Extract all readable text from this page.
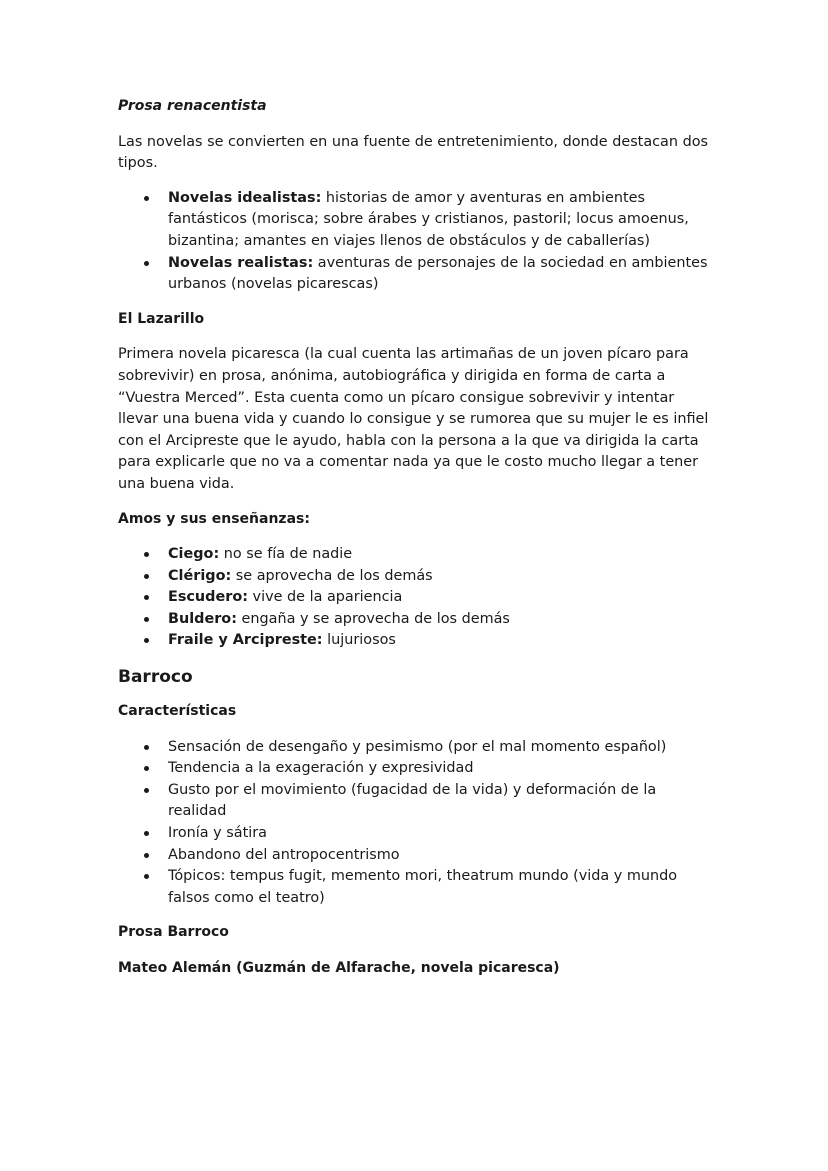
Prosa renacentista

Las novelas se convierten en una fuente de entretenimiento, donde destacan dos tipos.

Novelas idealistas: historias de amor y aventuras en ambientes fantásticos (morisca; sobre árabes y cristianos, pastoril; locus amoenus, bizantina; amantes en viajes llenos de obstáculos y de caballerías)
Novelas realistas: aventuras de personajes de la sociedad en ambientes urbanos (novelas picarescas)
El Lazarillo

Primera novela picaresca (la cual cuenta las artimañas de un joven pícaro para sobrevivir) en prosa, anónima, autobiográfica y dirigida en forma de carta a “Vuestra Merced”. Esta cuenta como un pícaro consigue sobrevivir y intentar llevar una buena vida y cuando lo consigue y se rumorea que su mujer le es infiel con el Arcipreste que le ayudo, habla con la persona a la que va dirigida la carta para explicarle que no va a comentar nada ya que le costo mucho llegar a tener una buena vida.

Amos y sus enseñanzas:
Ciego: no se fía de nadie
Clérigo: se aprovecha de los demás
Escudero: vive de la apariencia
Buldero: engaña y se aprovecha de los demás
Fraile y Arcipreste: lujuriosos
Barroco
Características
Sensación de desengaño y pesimismo (por el mal momento español)
Tendencia a la exageración y expresividad
Gusto por el movimiento (fugacidad de la vida) y deformación de la realidad
Ironía y sátira
Abandono del antropocentrismo
Tópicos: tempus fugit, memento mori, theatrum mundo (vida y mundo falsos como el teatro)
Prosa Barroco
Mateo Alemán (Guzmán de Alfarache, novela picaresca)
